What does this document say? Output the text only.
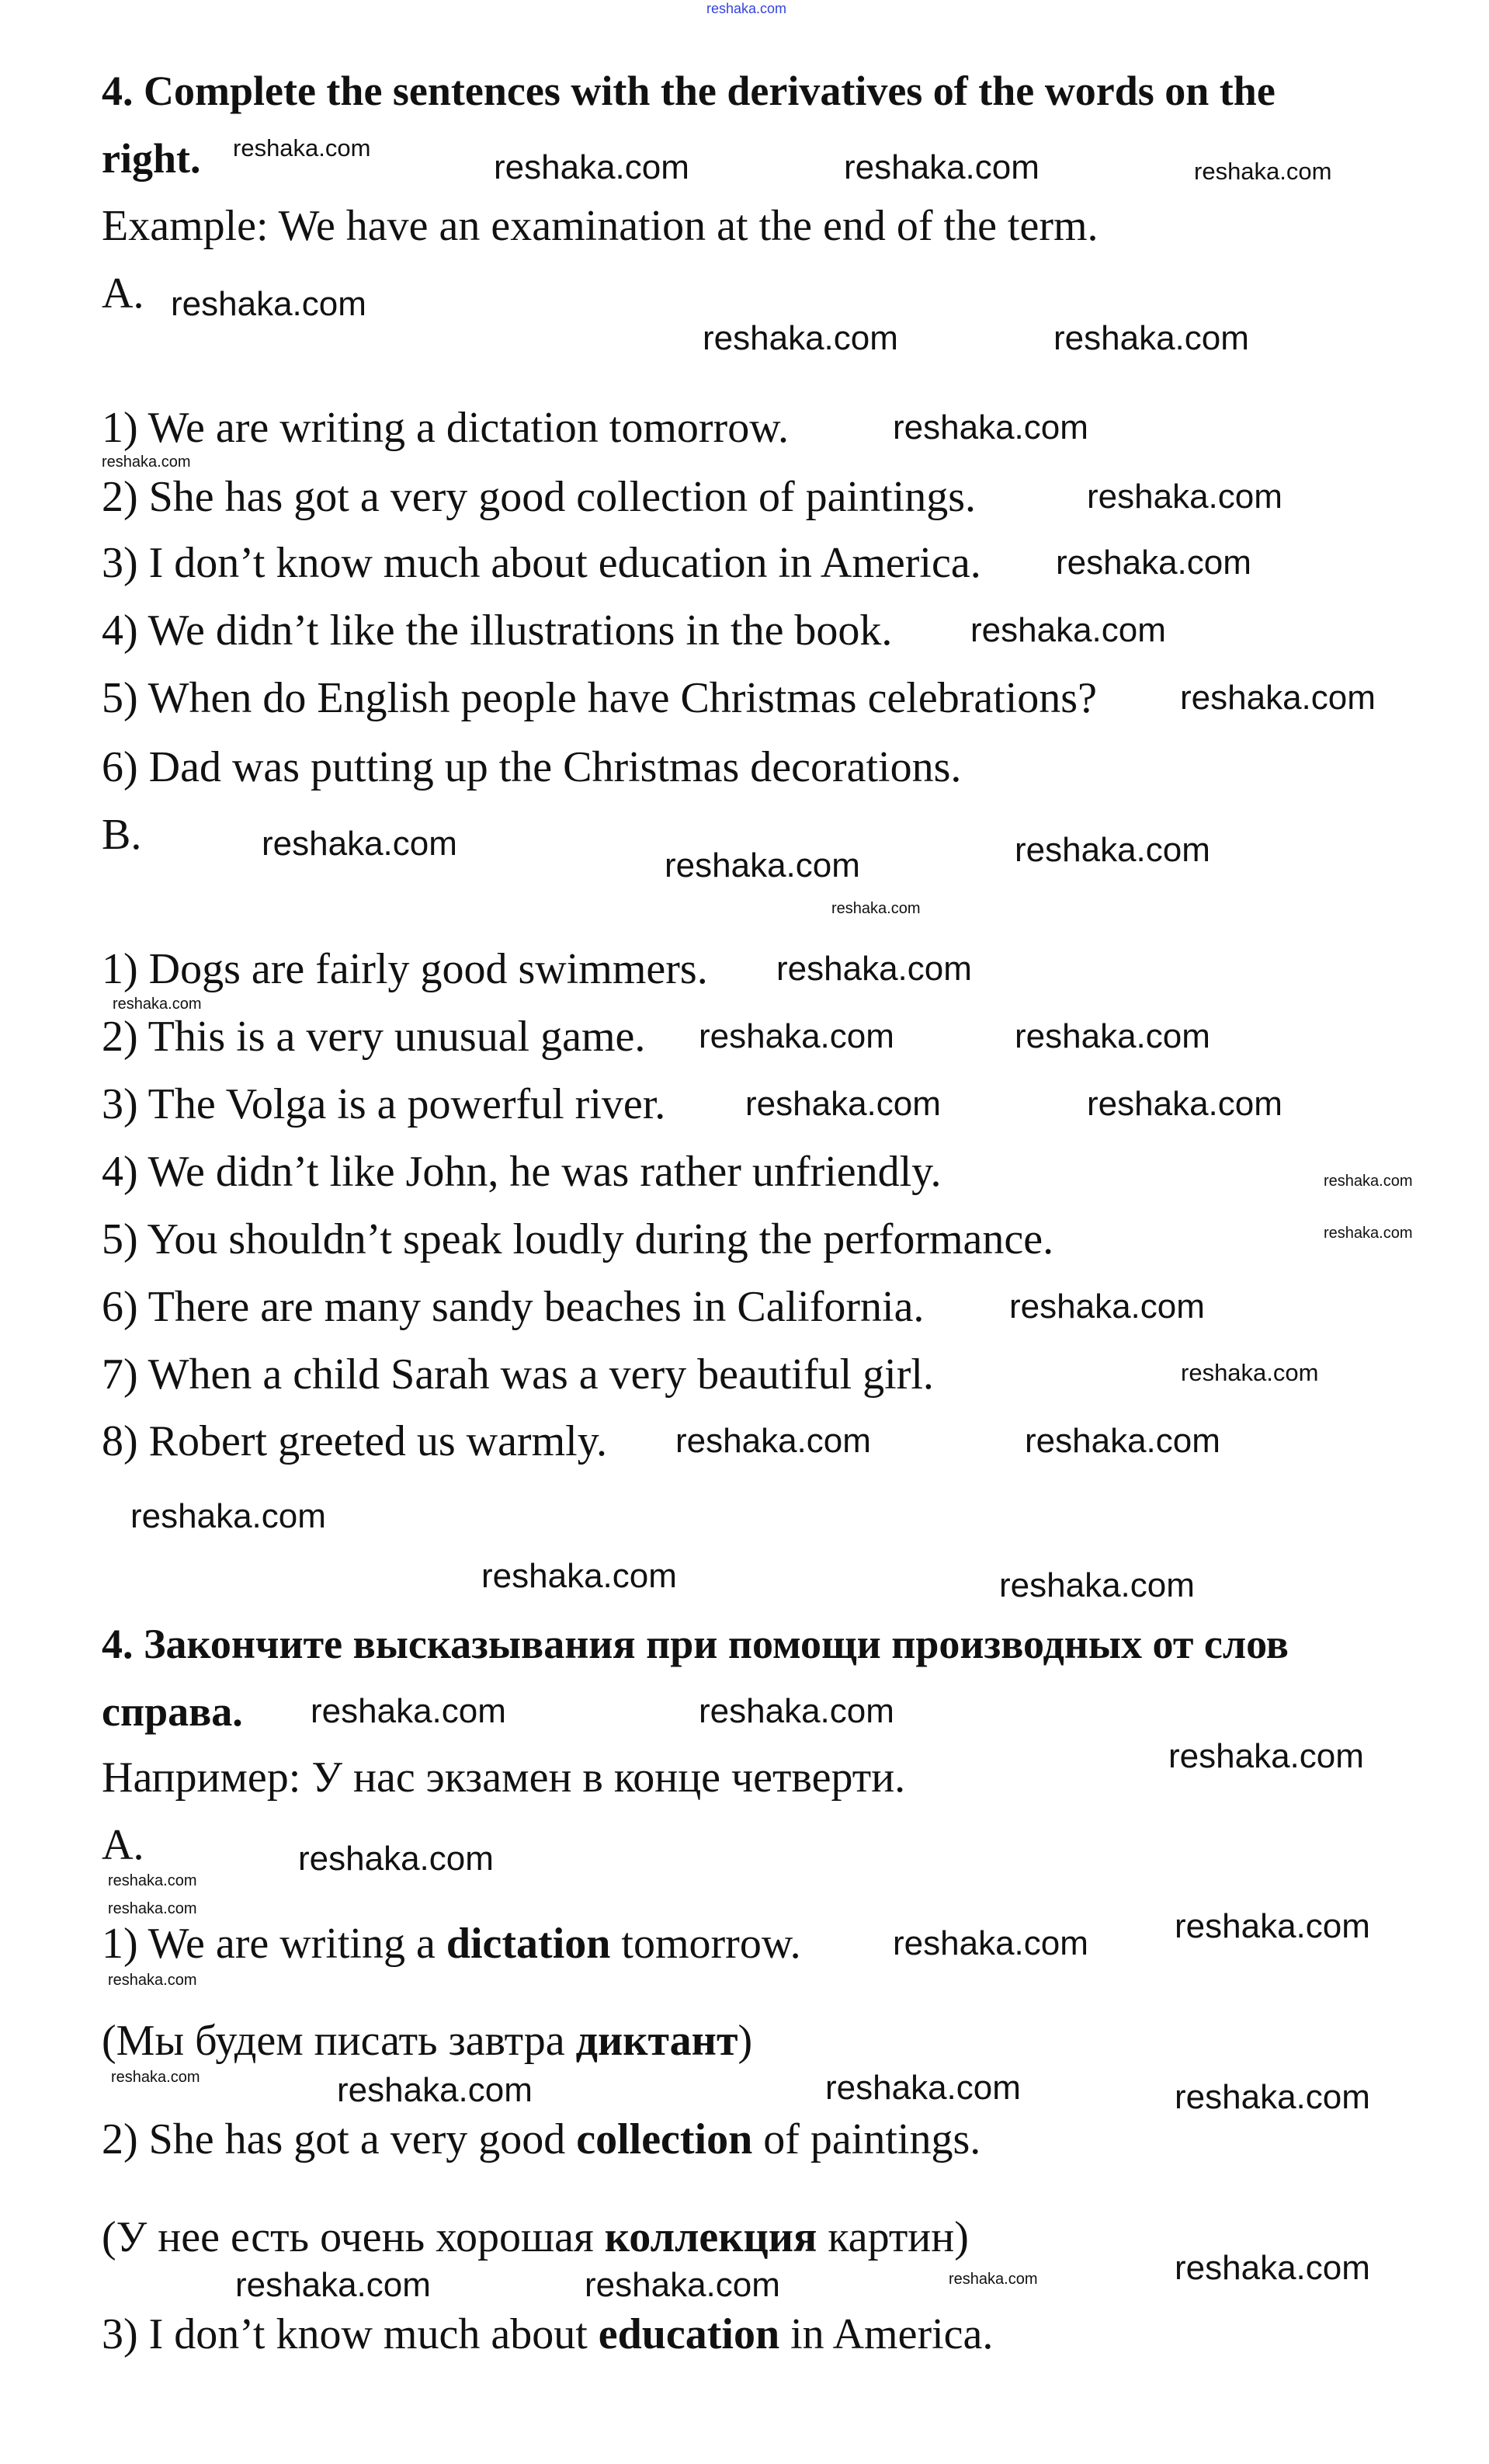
reshaka.com
4. Complete the sentences with the derivatives of the words on the
right.
Example: We have an examination at the end of the term.
A.
1) We are writing a dictation tomorrow.
2) She has got a very good collection of paintings.
3) I don’t know much about education in America.
4) We didn’t like the illustrations in the book.
5) When do English people have Christmas celebrations?
6) Dad was putting up the Christmas decorations.
B.
1) Dogs are fairly good swimmers.
2) This is a very unusual game.
3) The Volga is a powerful river.
4) We didn’t like John, he was rather unfriendly.
5) You shouldn’t speak loudly during the performance.
6) There are many sandy beaches in California.
7) When a child Sarah was a very beautiful girl.
8) Robert greeted us warmly.
4. Закончите высказывания при помощи производных от слов
справа.
Например: У нас экзамен в конце четверти.
A.
1) We are writing a dictation tomorrow.
(Мы будем писать завтра диктант)
2) She has got a very good collection of paintings.
(У нее есть очень хорошая коллекция картин)
3) I don’t know much about education in America.
reshaka.com	reshaka.com	reshaka.com
reshaka.com
reshaka.com
reshaka.com	reshaka.com
reshaka.com
reshaka.com
reshaka.com
reshaka.com
reshaka.com
reshaka.com
reshaka.com	reshaka.com
reshaka.com
reshaka.com	reshaka.com
reshaka.com	reshaka.com
reshaka.com
reshaka.com	reshaka.com
reshaka.com
reshaka.com
reshaka.com	reshaka.com
reshaka.com	reshaka.com
reshaka.com
reshaka.com
reshaka.com	reshaka.com
reshaka.com	reshaka.com	reshaka.com
reshaka.com	reshaka.com	reshaka.com
reshaka.com
reshaka.com
reshaka.com
reshaka.com
reshaka.com
reshaka.com
reshaka.com
reshaka.com
reshaka.com
reshaka.com
